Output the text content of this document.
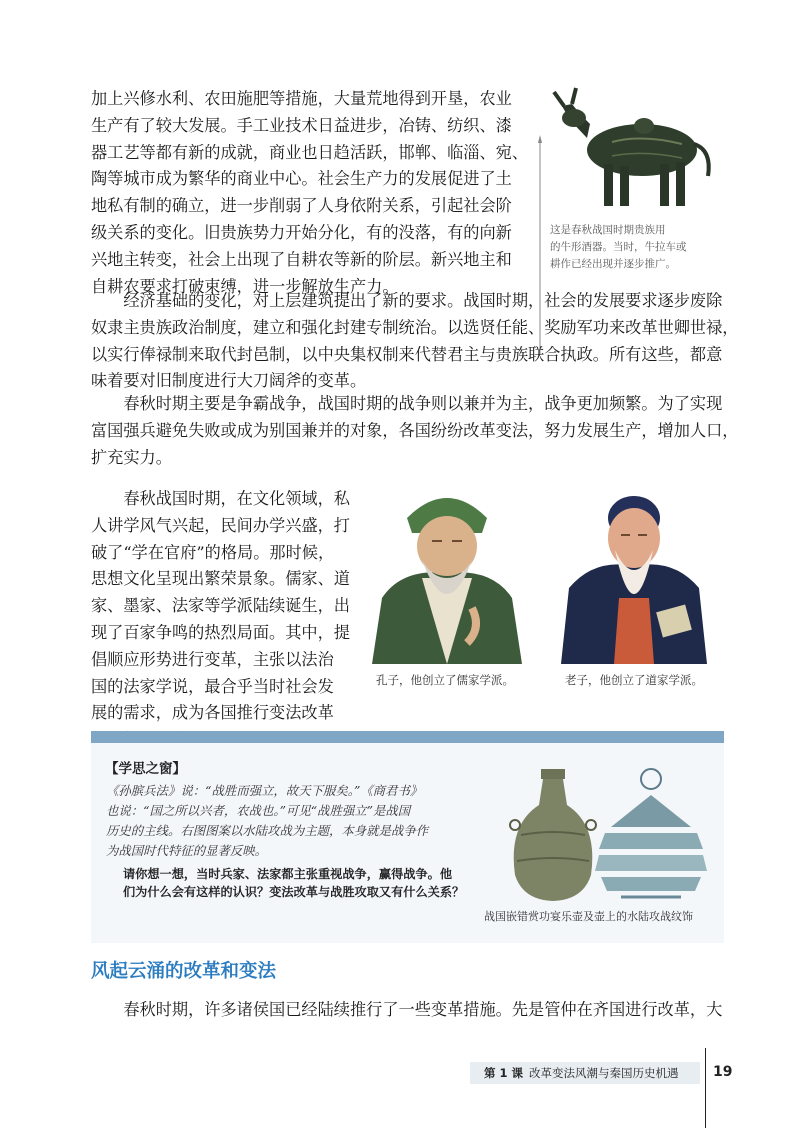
加上兴修水利、农田施肥等措施，大量荒地得到开垦，农业
生产有了较大发展。手工业技术日益进步，冶铸、纺织、漆
器工艺等都有新的成就，商业也日趋活跃，邯郸、临淄、宛、
陶等城市成为繁华的商业中心。社会生产力的发展促进了土
地私有制的确立，进一步削弱了人身依附关系，引起社会阶
级关系的变化。旧贵族势力开始分化，有的没落，有的向新
兴地主转变，社会上出现了自耕农等新的阶层。新兴地主和
自耕农要求打破束缚，进一步解放生产力。
这是春秋战国时期贵族用
的牛形酒器。当时，牛拉车或
耕作已经出现并逐步推广。
　　经济基础的变化，对上层建筑提出了新的要求。战国时期，社会的发展要求逐步废除
奴隶主贵族政治制度，建立和强化封建专制统治。以选贤任能、奖励军功来改革世卿世禄，
以实行俸禄制来取代封邑制，以中央集权制来代替君主与贵族联合执政。所有这些，都意
味着要对旧制度进行大刀阔斧的变革。
　　春秋时期主要是争霸战争，战国时期的战争则以兼并为主，战争更加频繁。为了实现
富国强兵避免失败或成为别国兼并的对象，各国纷纷改革变法，努力发展生产，增加人口，
扩充实力。
　　春秋战国时期，在文化领域，私
人讲学风气兴起，民间办学兴盛，打
破了“学在官府”的格局。那时候，
思想文化呈现出繁荣景象。儒家、道
家、墨家、法家等学派陆续诞生，出
现了百家争鸣的热烈局面。其中，提
倡顺应形势进行变革，主张以法治
国的法家学说，最合乎当时社会发
展的需求，成为各国推行变法改革
孔子，他创立了儒家学派。	老子，他创立了道家学派。
【学思之窗】
《孙膑兵法》说：“战胜而强立，故天下服矣。”《商君书》
也说：“国之所以兴者，农战也。”可见“战胜强立”是战国
历史的主线。右图图案以水陆攻战为主题，本身就是战争作
为战国时代特征的显著反映。
请你想一想，当时兵家、法家都主张重视战争，赢得战争。他
们为什么会有这样的认识？变法改革与战胜攻取又有什么关系？
战国嵌错赏功宴乐壶及壶上的水陆攻战纹饰
风起云涌的改革和变法
　　春秋时期，许多诸侯国已经陆续推行了一些变革措施。先是管仲在齐国进行改革，大
第 1 课 改革变法风潮与秦国历史机遇 19
